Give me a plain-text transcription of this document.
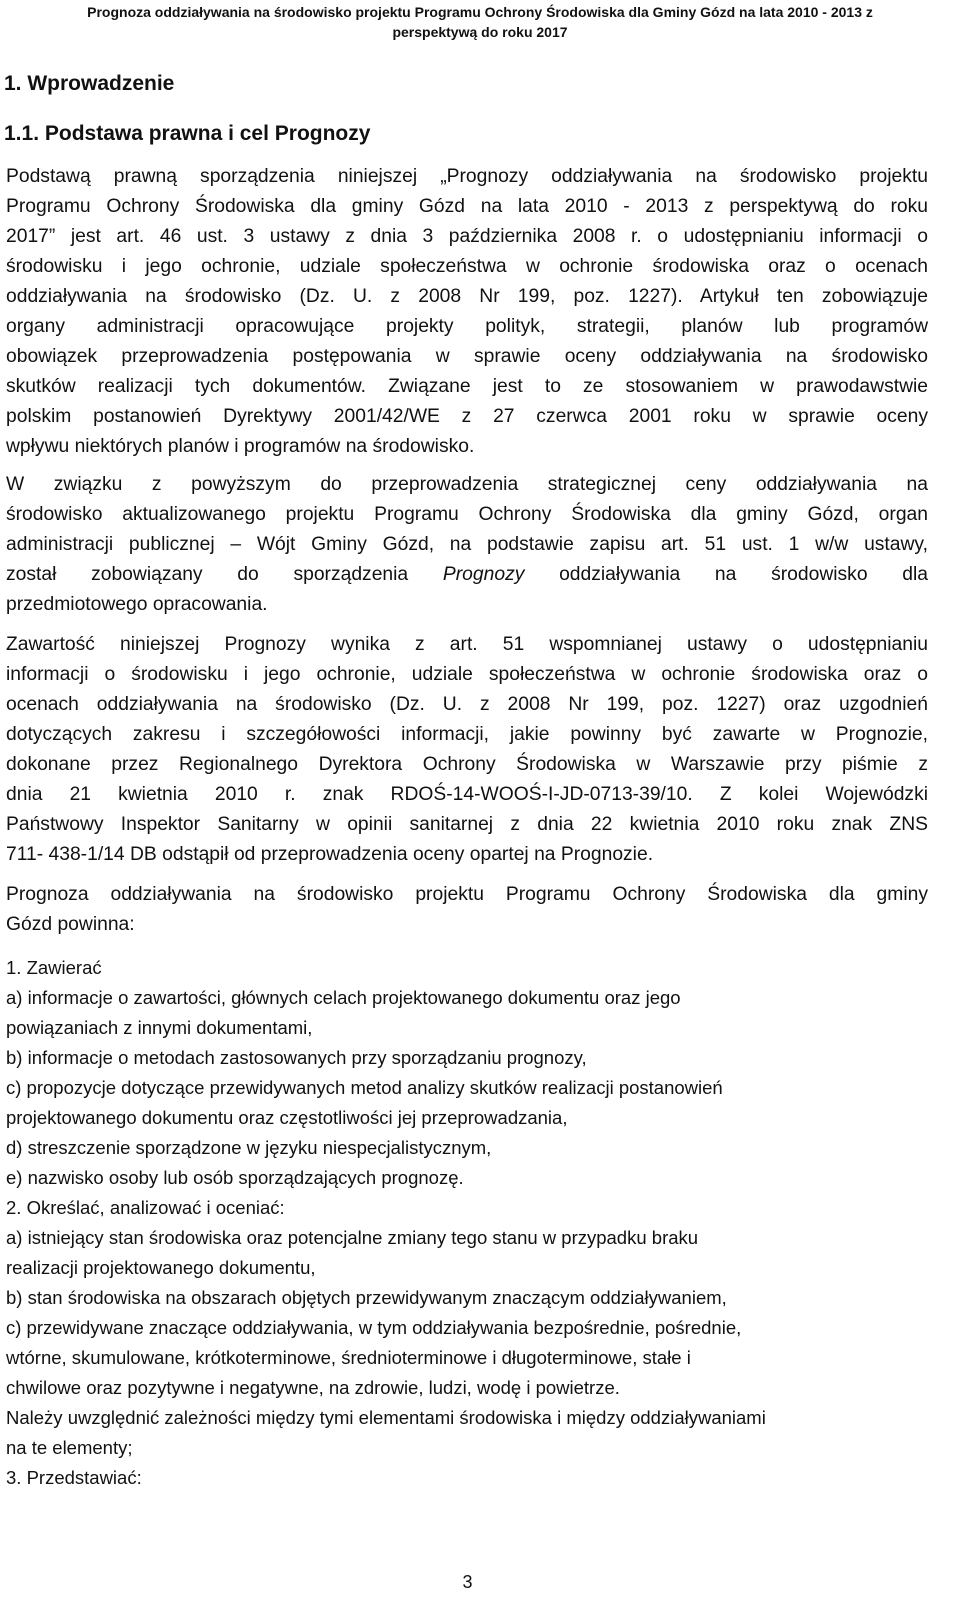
Prognoza oddziaływania na środowisko projektu Programu Ochrony Środowiska dla Gminy Gózd na lata 2010 - 2013 z
perspektywą do roku 2017
1. Wprowadzenie
1.1. Podstawa prawna i cel Prognozy
Podstawą prawną sporządzenia niniejszej „Prognozy oddziaływania na środowisko projektu
Programu Ochrony Środowiska dla gminy Gózd na lata 2010 - 2013 z perspektywą do roku
2017” jest art. 46 ust. 3 ustawy z dnia 3 października 2008 r. o udostępnianiu informacji o
środowisku i jego ochronie, udziale społeczeństwa w ochronie środowiska oraz o ocenach
oddziaływania na środowisko (Dz. U. z 2008 Nr 199, poz. 1227). Artykuł ten zobowiązuje
organy administracji opracowujące projekty polityk, strategii, planów lub programów
obowiązek przeprowadzenia postępowania w sprawie oceny oddziaływania na środowisko
skutków realizacji tych dokumentów. Związane jest to ze stosowaniem w prawodawstwie
polskim postanowień Dyrektywy 2001/42/WE z 27 czerwca 2001 roku w sprawie oceny
wpływu niektórych planów i programów na środowisko.
W związku z powyższym do przeprowadzenia strategicznej ceny oddziaływania na
środowisko aktualizowanego projektu Programu Ochrony Środowiska dla gminy Gózd, organ
administracji publicznej – Wójt Gminy Gózd, na podstawie zapisu art. 51 ust. 1 w/w ustawy,
został zobowiązany do sporządzenia Prognozy oddziaływania na środowisko dla
przedmiotowego opracowania.
Zawartość niniejszej Prognozy wynika z art. 51 wspomnianej ustawy o udostępnianiu
informacji o środowisku i jego ochronie, udziale społeczeństwa w ochronie środowiska oraz o
ocenach oddziaływania na środowisko (Dz. U. z 2008 Nr 199, poz. 1227) oraz uzgodnień
dotyczących zakresu i szczegółowości informacji, jakie powinny być zawarte w Prognozie,
dokonane przez Regionalnego Dyrektora Ochrony Środowiska w Warszawie przy piśmie z
dnia 21 kwietnia 2010 r. znak RDOŚ-14-WOOŚ-I-JD-0713-39/10. Z kolei Wojewódzki
Państwowy Inspektor Sanitarny w opinii sanitarnej z dnia 22 kwietnia 2010 roku znak ZNS
711- 438-1/14 DB odstąpił od przeprowadzenia oceny opartej na Prognozie.
Prognoza oddziaływania na środowisko projektu Programu Ochrony Środowiska dla gminy
Gózd powinna:
1. Zawierać
a) informacje o zawartości, głównych celach projektowanego dokumentu oraz jego
powiązaniach z innymi dokumentami,
b) informacje o metodach zastosowanych przy sporządzaniu prognozy,
c) propozycje dotyczące przewidywanych metod analizy skutków realizacji postanowień
projektowanego dokumentu oraz częstotliwości jej przeprowadzania,
d) streszczenie sporządzone w języku niespecjalistycznym,
e) nazwisko osoby lub osób sporządzających prognozę.
2. Określać, analizować i oceniać:
a) istniejący stan środowiska oraz potencjalne zmiany tego stanu w przypadku braku
realizacji projektowanego dokumentu,
b) stan środowiska na obszarach objętych przewidywanym znaczącym oddziaływaniem,
c) przewidywane znaczące oddziaływania, w tym oddziaływania bezpośrednie, pośrednie,
wtórne, skumulowane, krótkoterminowe, średnioterminowe i długoterminowe, stałe i
chwilowe oraz pozytywne i negatywne, na zdrowie, ludzi, wodę i powietrze.
Należy uwzględnić zależności między tymi elementami środowiska i między oddziaływaniami
na te elementy;
3. Przedstawiać:
3
